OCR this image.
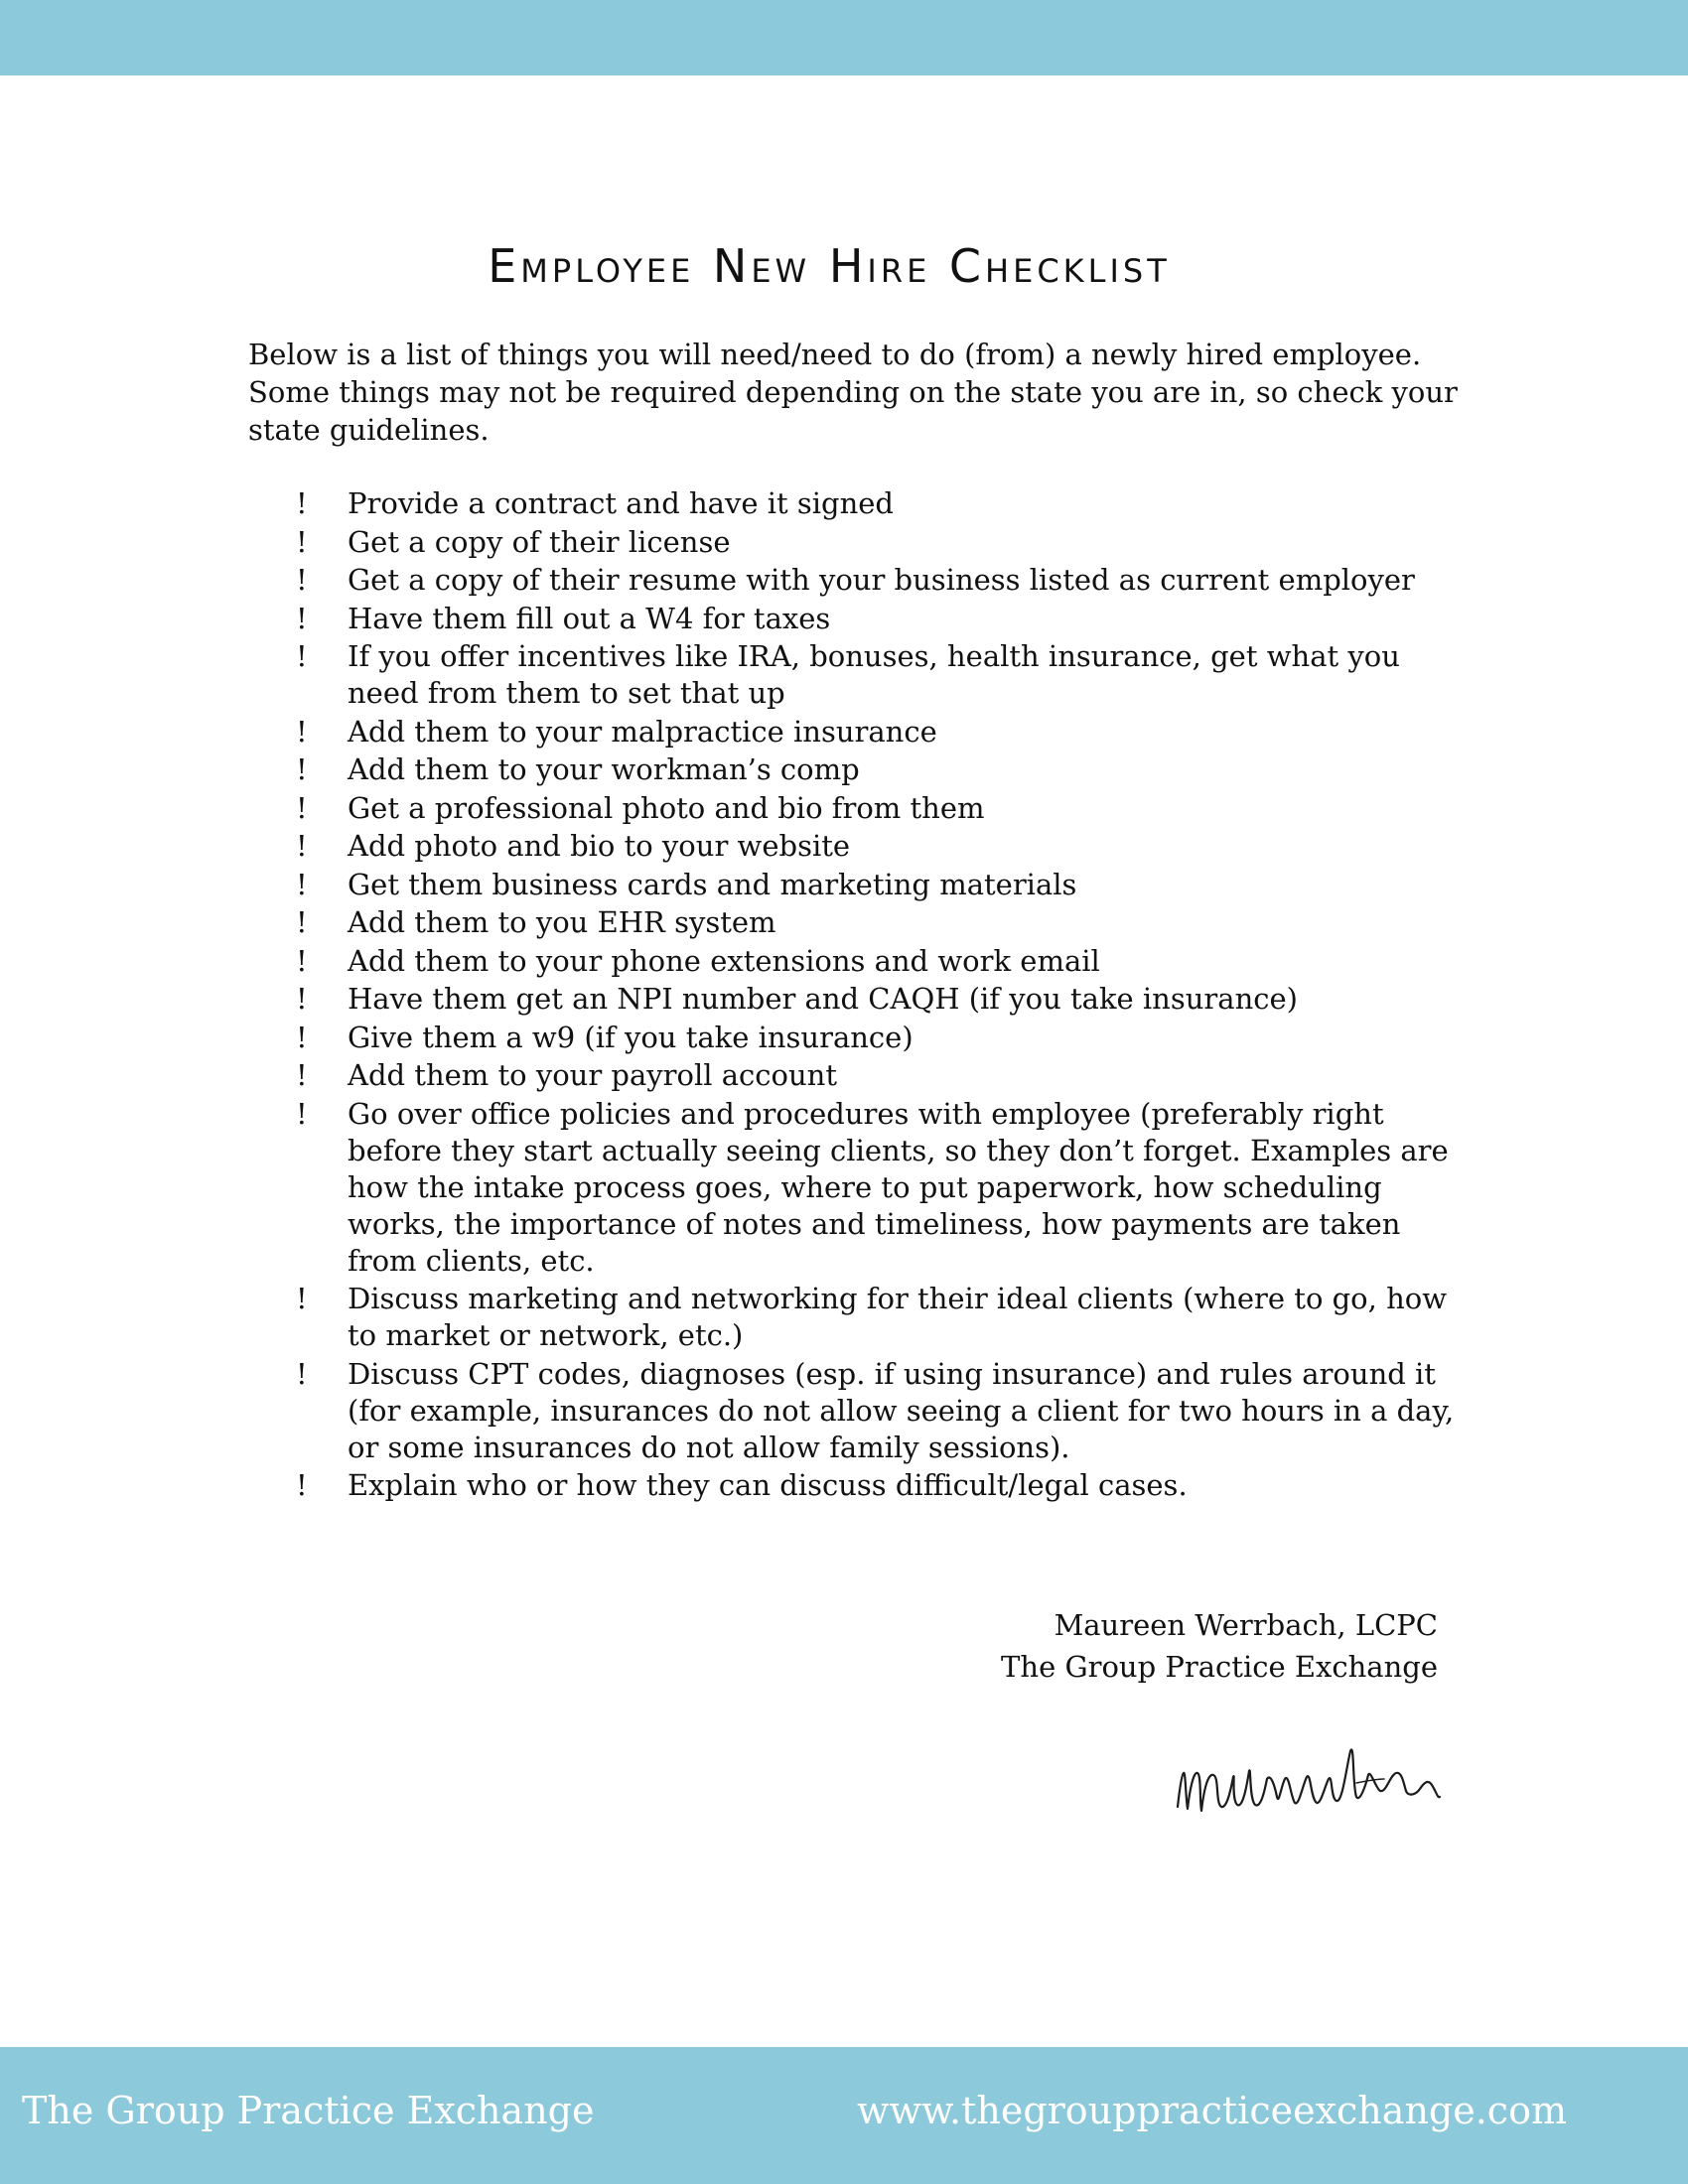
Employee New Hire Checklist
Below is a list of things you will need/need to do (from) a newly hired employee. Some things may not be required depending on the state you are in, so check your state guidelines.
! Provide a contract and have it signed
! Get a copy of their license
! Get a copy of their resume with your business listed as current employer
! Have them fill out a W4 for taxes
! If you offer incentives like IRA, bonuses, health insurance, get what you need from them to set that up
! Add them to your malpractice insurance
! Add them to your workman’s comp
! Get a professional photo and bio from them
! Add photo and bio to your website
! Get them business cards and marketing materials
! Add them to you EHR system
! Add them to your phone extensions and work email
! Have them get an NPI number and CAQH (if you take insurance)
! Give them a w9 (if you take insurance)
! Add them to your payroll account
! Go over office policies and procedures with employee (preferably right before they start actually seeing clients, so they don’t forget. Examples are how the intake process goes, where to put paperwork, how scheduling works, the importance of notes and timeliness, how payments are taken from clients, etc.
! Discuss marketing and networking for their ideal clients (where to go, how to market or network, etc.)
! Discuss CPT codes, diagnoses (esp. if using insurance) and rules around it (for example, insurances do not allow seeing a client for two hours in a day, or some insurances do not allow family sessions).
! Explain who or how they can discuss difficult/legal cases.
Maureen Werrbach, LCPC
The Group Practice Exchange
The Group Practice Exchange	www.thegrouppracticeexchange.com
